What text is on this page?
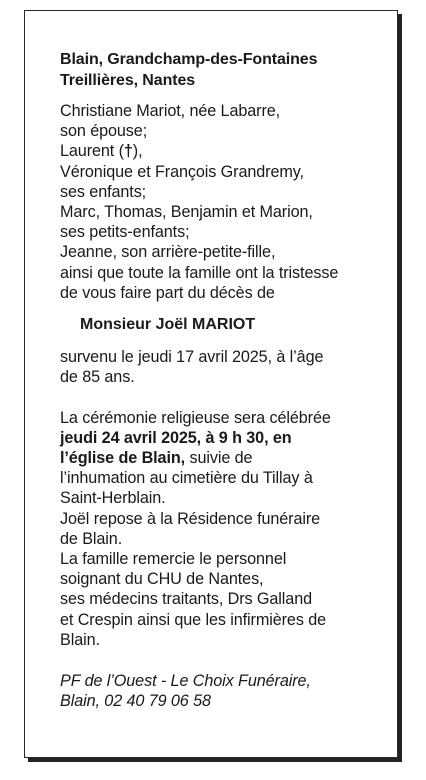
Blain, Grandchamp-des-Fontaines
Treillières, Nantes
Christiane Mariot, née Labarre,
son épouse;
Laurent (†),
Véronique et François Grandremy,
ses enfants;
Marc, Thomas, Benjamin et Marion,
ses petits-enfants;
Jeanne, son arrière-petite-fille,
ainsi que toute la famille ont la tristesse
de vous faire part du décès de
Monsieur Joël MARIOT
survenu le jeudi 17 avril 2025, à l’âge
de 85 ans.
La cérémonie religieuse sera célébrée
jeudi 24 avril 2025, à 9 h 30, en
l’église de Blain, suivie de
l’inhumation au cimetière du Tillay à
Saint-Herblain.
Joël repose à la Résidence funéraire
de Blain.
La famille remercie le personnel
soignant du CHU de Nantes,
ses médecins traitants, Drs Galland
et Crespin ainsi que les infirmières de
Blain.
PF de l’Ouest - Le Choix Funéraire,
Blain, 02 40 79 06 58
